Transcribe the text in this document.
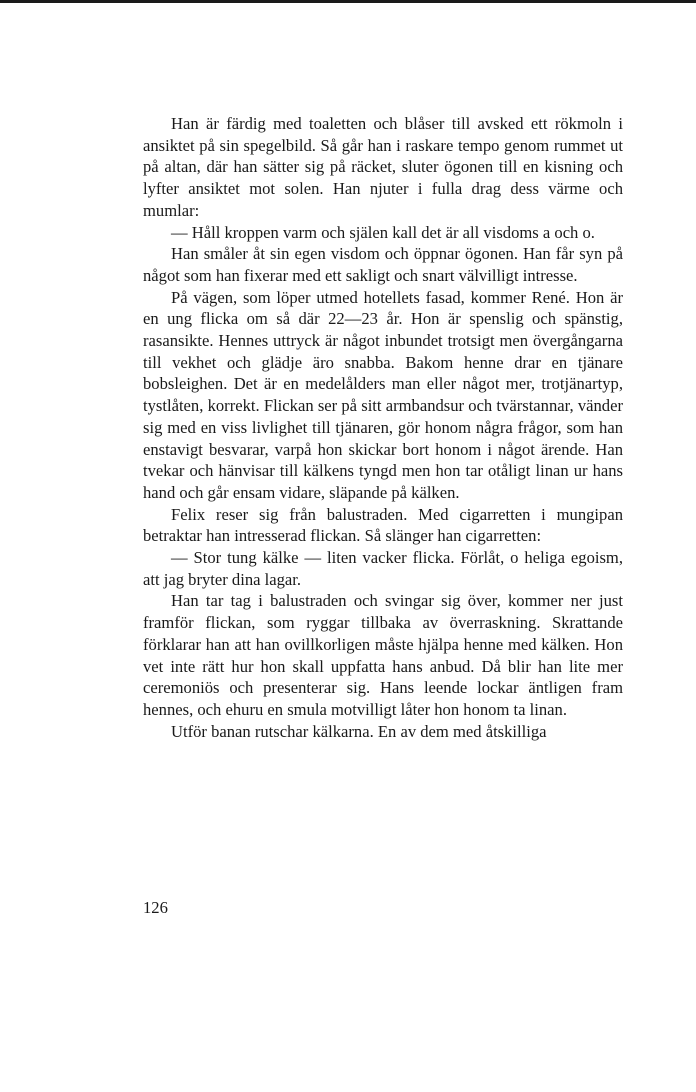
Han är färdig med toaletten och blåser till avsked ett rökmoln i ansiktet på sin spegelbild. Så går han i raskare tempo genom rummet ut på altan, där han sätter sig på räcket, sluter ögonen till en kisning och lyfter ansiktet mot solen. Han njuter i fulla drag dess värme och mumlar:

— Håll kroppen varm och själen kall det är all visdoms a och o.

Han småler åt sin egen visdom och öppnar ögonen. Han får syn på något som han fixerar med ett sakligt och snart välvilligt intresse.

På vägen, som löper utmed hotellets fasad, kommer René. Hon är en ung flicka om så där 22—23 år. Hon är spenslig och spänstig, rasansikte. Hennes uttryck är något inbundet trotsigt men övergångarna till vekhet och glädje äro snabba. Bakom henne drar en tjänare bobsleighen. Det är en medelålders man eller något mer, trotjänartyp, tystlåten, korrekt. Flickan ser på sitt armbandsur och tvärstannar, vänder sig med en viss livlighet till tjänaren, gör honom några frågor, som han enstavigt besvarar, varpå hon skickar bort honom i något ärende. Han tvekar och hänvisar till kälkens tyngd men hon tar otåligt linan ur hans hand och går ensam vidare, släpande på kälken.

Felix reser sig från balustraden. Med cigarretten i mungipan betraktar han intresserad flickan. Så slänger han cigarretten:

— Stor tung kälke — liten vacker flicka. Förlåt, o heliga egoism, att jag bryter dina lagar.

Han tar tag i balustraden och svingar sig över, kommer ner just framför flickan, som ryggar tillbaka av överraskning. Skrattande förklarar han att han ovillkorligen måste hjälpa henne med kälken. Hon vet inte rätt hur hon skall uppfatta hans anbud. Då blir han lite mer ceremoniös och presenterar sig. Hans leende lockar äntligen fram hennes, och ehuru en smula motvilligt låter hon honom ta linan.

Utför banan rutschar kälkarna. En av dem med åtskilliga

126
